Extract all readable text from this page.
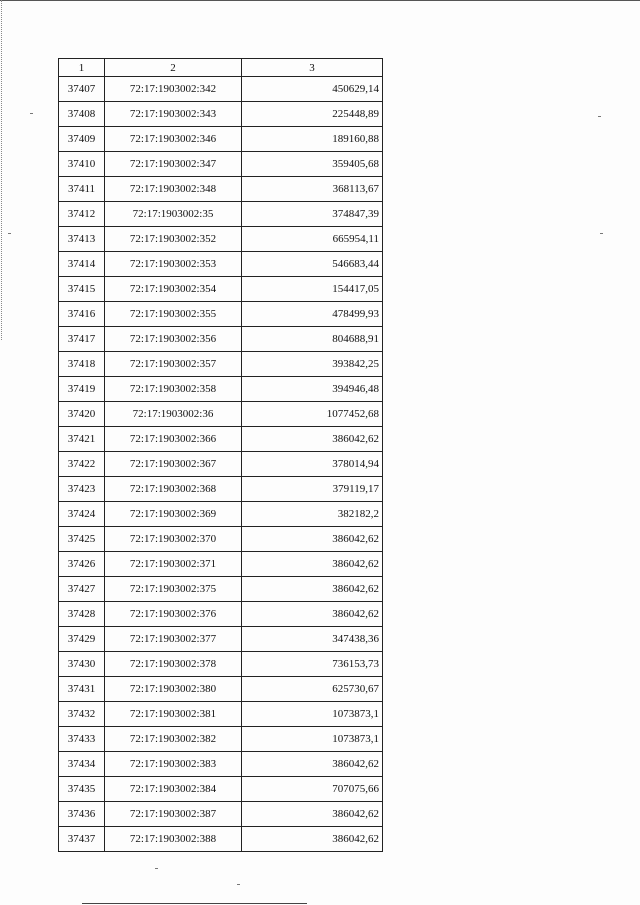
1	2	3
37407	72:17:1903002:342	450629,14
37408	72:17:1903002:343	225448,89
37409	72:17:1903002:346	189160,88
37410	72:17:1903002:347	359405,68
37411	72:17:1903002:348	368113,67
37412	72:17:1903002:35	374847,39
37413	72:17:1903002:352	665954,11
37414	72:17:1903002:353	546683,44
37415	72:17:1903002:354	154417,05
37416	72:17:1903002:355	478499,93
37417	72:17:1903002:356	804688,91
37418	72:17:1903002:357	393842,25
37419	72:17:1903002:358	394946,48
37420	72:17:1903002:36	1077452,68
37421	72:17:1903002:366	386042,62
37422	72:17:1903002:367	378014,94
37423	72:17:1903002:368	379119,17
37424	72:17:1903002:369	382182,2
37425	72:17:1903002:370	386042,62
37426	72:17:1903002:371	386042,62
37427	72:17:1903002:375	386042,62
37428	72:17:1903002:376	386042,62
37429	72:17:1903002:377	347438,36
37430	72:17:1903002:378	736153,73
37431	72:17:1903002:380	625730,67
37432	72:17:1903002:381	1073873,1
37433	72:17:1903002:382	1073873,1
37434	72:17:1903002:383	386042,62
37435	72:17:1903002:384	707075,66
37436	72:17:1903002:387	386042,62
37437	72:17:1903002:388	386042,62
